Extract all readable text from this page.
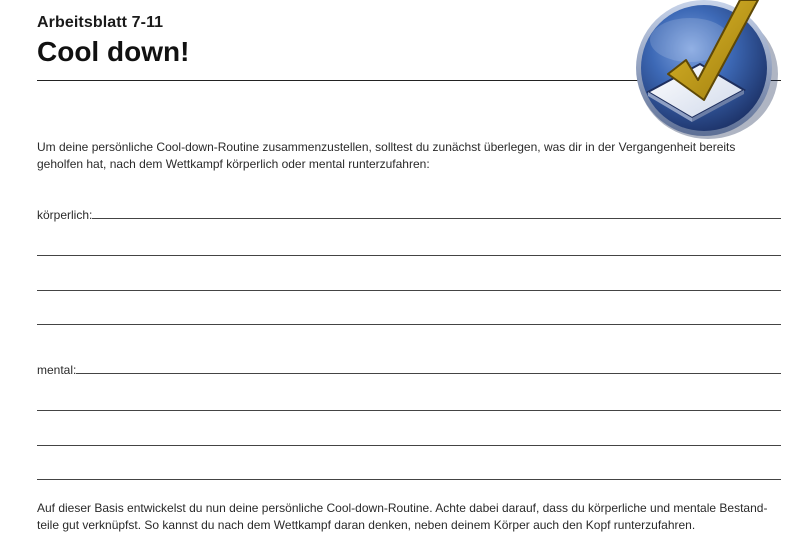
Arbeitsblatt 7-11
Cool down!
Um deine persönliche Cool-down-Routine zusammenzustellen, solltest du zunächst überlegen, was dir in der Vergangenheit bereits geholfen hat, nach dem Wettkampf körperlich oder mental runterzufahren:
körperlich:
mental:
Auf dieser Basis entwickelst du nun deine persönliche Cool-down-Routine. Achte dabei darauf, dass du körperliche und mentale Bestand-teile gut verknüpfst. So kannst du nach dem Wettkampf daran denken, neben deinem Körper auch den Kopf runterzufahren.
